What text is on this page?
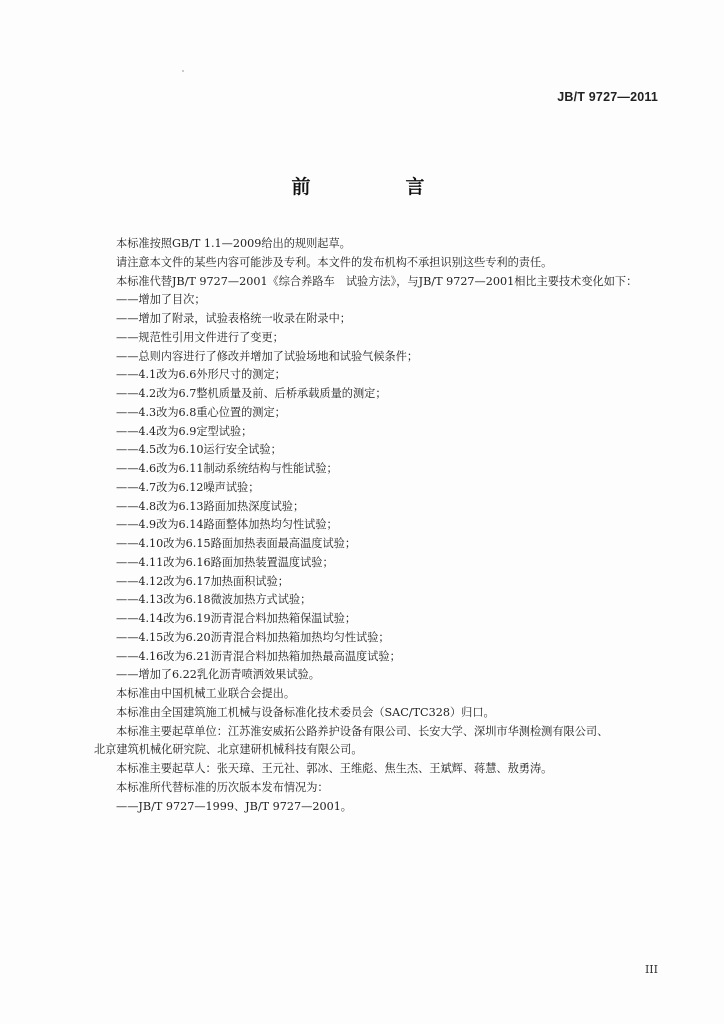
JB/T 9727—2011
前　言
本标准按照GB/T 1.1—2009给出的规则起草。
请注意本文件的某些内容可能涉及专利。本文件的发布机构不承担识别这些专利的责任。
本标准代替JB/T 9727—2001《综合养路车　试验方法》，与JB/T 9727—2001相比主要技术变化如下：
——增加了目次；
——增加了附录，试验表格统一收录在附录中；
——规范性引用文件进行了变更；
——总则内容进行了修改并增加了试验场地和试验气候条件；
——4.1改为6.6外形尺寸的测定；
——4.2改为6.7整机质量及前、后桥承载质量的测定；
——4.3改为6.8重心位置的测定；
——4.4改为6.9定型试验；
——4.5改为6.10运行安全试验；
——4.6改为6.11制动系统结构与性能试验；
——4.7改为6.12噪声试验；
——4.8改为6.13路面加热深度试验；
——4.9改为6.14路面整体加热均匀性试验；
——4.10改为6.15路面加热表面最高温度试验；
——4.11改为6.16路面加热装置温度试验；
——4.12改为6.17加热面积试验；
——4.13改为6.18微波加热方式试验；
——4.14改为6.19沥青混合料加热箱保温试验；
——4.15改为6.20沥青混合料加热箱加热均匀性试验；
——4.16改为6.21沥青混合料加热箱加热最高温度试验；
——增加了6.22乳化沥青喷洒效果试验。
本标准由中国机械工业联合会提出。
本标准由全国建筑施工机械与设备标准化技术委员会（SAC/TC328）归口。
本标准主要起草单位：江苏淮安威拓公路养护设备有限公司、长安大学、深圳市华测检测有限公司、
北京建筑机械化研究院、北京建研机械科技有限公司。
本标准主要起草人：张天璋、王元社、郭冰、王维彪、焦生杰、王斌辉、蒋慧、敖勇涛。
本标准所代替标准的历次版本发布情况为：
——JB/T 9727—1999、JB/T 9727—2001。
III
